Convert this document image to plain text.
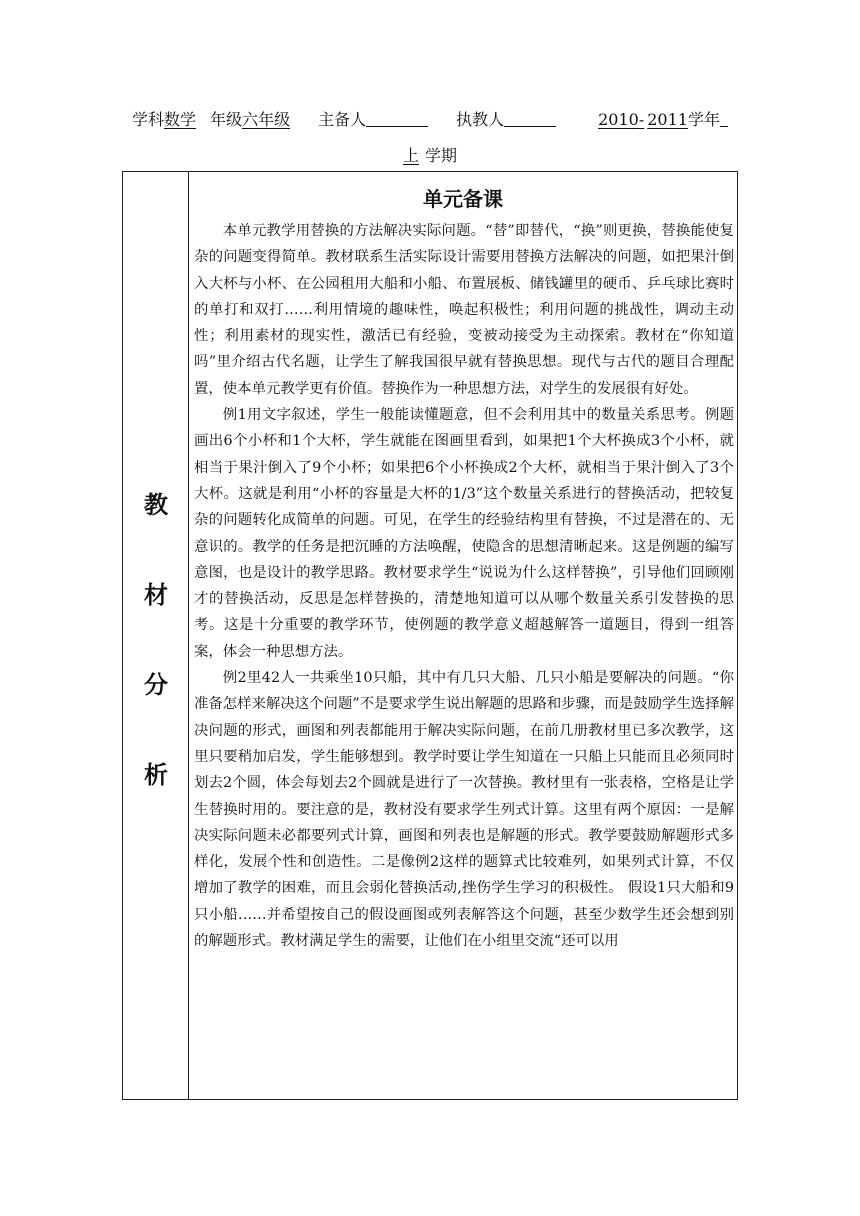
学科数学 年级六年级 主备人	执教人	2010- 2011学年
上 学期
教
材
分
析
单元备课

本单元教学用替换的方法解决实际问题。“替”即替代，“换”则更换，替换能使复杂的问题变得简单。教材联系生活实际设计需要用替换方法解决的问题，如把果汁倒入大杯与小杯、在公园租用大船和小船、布置展板、储钱罐里的硬币、乒乓球比赛时的单打和双打……利用情境的趣味性，唤起积极性；利用问题的挑战性，调动主动性；利用素材的现实性，激活已有经验，变被动接受为主动探索。教材在“你知道吗”里介绍古代名题，让学生了解我国很早就有替换思想。现代与古代的题目合理配置，使本单元教学更有价值。替换作为一种思想方法，对学生的发展很有好处。

例1用文字叙述，学生一般能读懂题意，但不会利用其中的数量关系思考。例题画出6个小杯和1个大杯，学生就能在图画里看到，如果把1个大杯换成3个小杯，就相当于果汁倒入了9个小杯；如果把6个小杯换成2个大杯，就相当于果汁倒入了3个大杯。这就是利用“小杯的容量是大杯的1/3”这个数量关系进行的替换活动，把较复杂的问题转化成简单的问题。可见，在学生的经验结构里有替换，不过是潜在的、无意识的。教学的任务是把沉睡的方法唤醒，使隐含的思想清晰起来。这是例题的编写意图，也是设计的教学思路。教材要求学生“说说为什么这样替换”，引导他们回顾刚才的替换活动，反思是怎样替换的，清楚地知道可以从哪个数量关系引发替换的思考。这是十分重要的教学环节，使例题的教学意义超越解答一道题目，得到一组答案，体会一种思想方法。

例2里42人一共乘坐10只船，其中有几只大船、几只小船是要解决的问题。“你准备怎样来解决这个问题”不是要求学生说出解题的思路和步骤，而是鼓励学生选择解决问题的形式，画图和列表都能用于解决实际问题，在前几册教材里已多次教学，这里只要稍加启发，学生能够想到。教学时要让学生知道在一只船上只能而且必须同时划去2个圆，体会每划去2个圆就是进行了一次替换。教材里有一张表格，空格是让学生替换时用的。要注意的是，教材没有要求学生列式计算。这里有两个原因：一是解决实际问题未必都要列式计算，画图和列表也是解题的形式。教学要鼓励解题形式多样化，发展个性和创造性。二是像例2这样的题算式比较难列，如果列式计算，不仅增加了教学的困难，而且会弱化替换活动,挫伤学生学习的积极性。 假设1只大船和9只小船……并希望按自己的假设画图或列表解答这个问题，甚至少数学生还会想到别的解题形式。教材满足学生的需要，让他们在小组里交流“还可以用
